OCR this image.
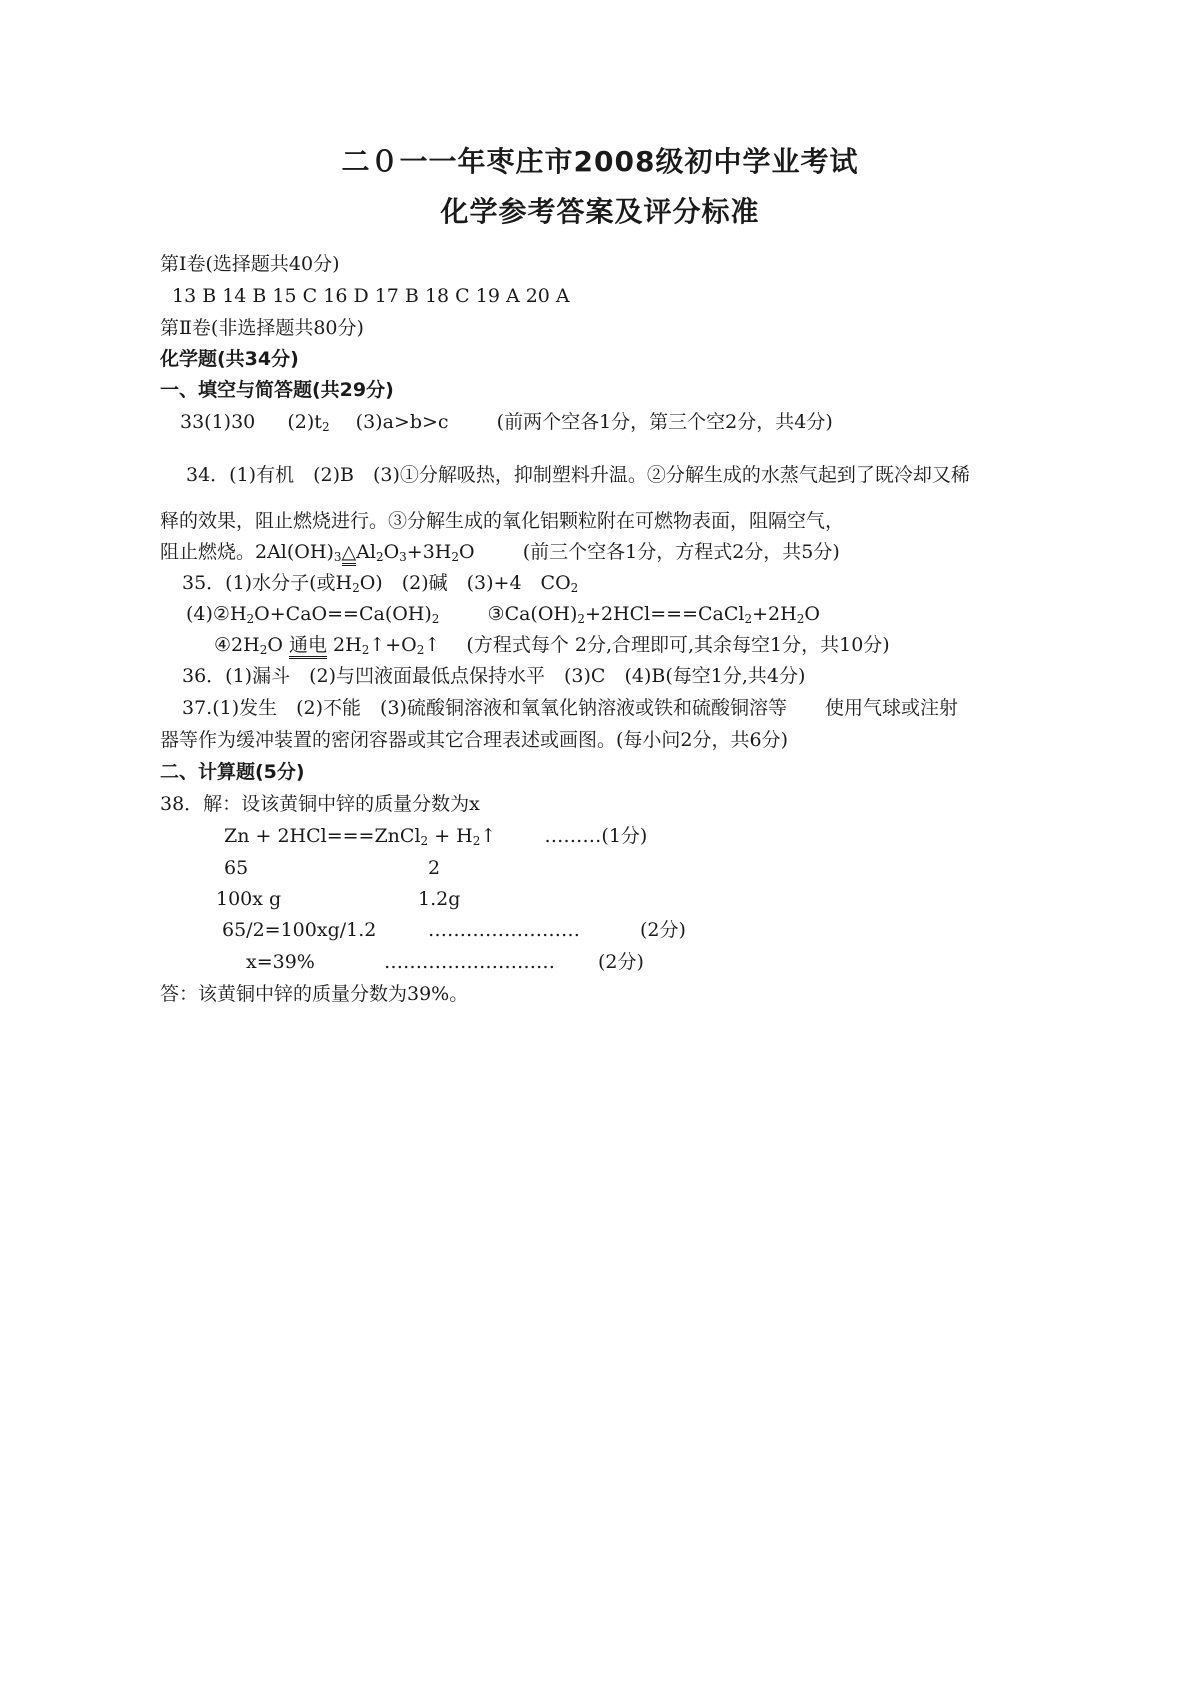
二０一一年枣庄市2008级初中学业考试
化学参考答案及评分标准
第Ⅰ卷(选择题共40分)
13 B 14 B 15 C 16 D 17 B 18 C 19 A 20 A
第Ⅱ卷(非选择题共80分)
化学题(共34分)
一、填空与简答题(共29分)
33(1)30 $(2)t_2$ (3)a>b>c	(前两个空各1分，第三个空2分，共4分)
34．(1)有机　(2)B　(3)①分解吸热，抑制塑料升温。②分解生成的水蒸气起到了既冷却又稀
释的效果，阻止燃烧进行。③分解生成的氧化铝颗粒附在可燃物表面，阻隔空气，
阻止燃烧。$2Al(OH)_3\triangle Al_2O_3+3H_2O$	(前三个空各1分，方程式2分，共5分)
35．(1)水分子(或$H_2O$)　(2)碱　(3)+4　$CO_2$
$(4)②H_2O+CaO==Ca(OH)_2$	$③Ca(OH)_2+2HCl===CaCl_2+2H_2O$
$④2H_2O$ 通电 $2H_2↑+O_2↑$ (方程式每个 2分,合理即可,其余每空1分，共10分)
36．(1)漏斗　(2)与凹液面最低点保持水平　(3)C　(4)B(每空1分,共4分)
37.(1)发生　(2)不能　(3)硫酸铜溶液和氧氧化钠溶液或铁和硫酸铜溶等　　使用气球或注射
器等作为缓冲装置的密闭容器或其它合理表述或画图。(每小问2分，共6分)
二、计算题(5分)
38．解：设该黄铜中锌的质量分数为x
Zn + 2HCl===ZnCl$_2$ + $H_2↑$	………(1分)
65	2
100x g	1.2g
65/2=100xg/1.2	……………………	(2分)
x=39%	……………………… (2分)
答：该黄铜中锌的质量分数为39%。
